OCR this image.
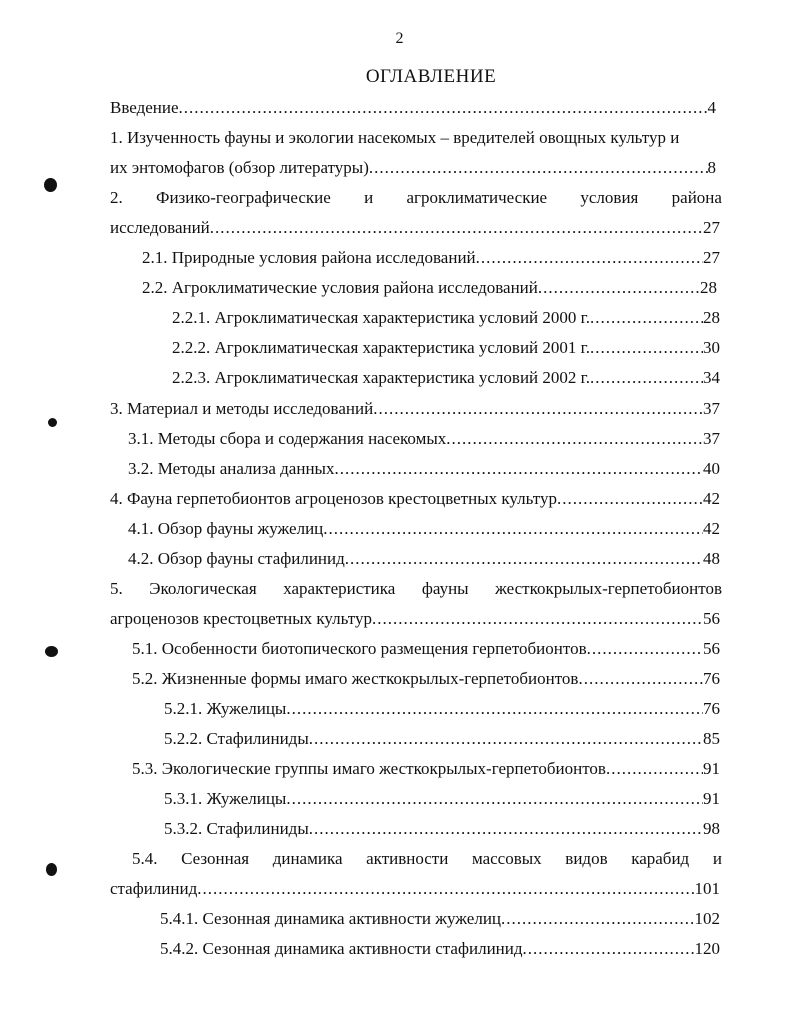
2
ОГЛАВЛЕНИЕ
Введение .....	4
1. Изученность фауны и экологии насекомых – вредителей овощных культур и
их энтомофагов (обзор литературы) .....	8
2. Физико-географические и агроклиматические условия района
исследований .....	27
2.1. Природные условия района исследований .....	27
2.2. Агроклиматические условия района исследований .....	28
2.2.1. Агроклиматическая характеристика условий 2000 г. .....	28
2.2.2. Агроклиматическая характеристика условий 2001 г. .....	30
2.2.3. Агроклиматическая характеристика условий 2002 г. .....	34
3. Материал и методы исследований .....	37
3.1. Методы сбора и содержания насекомых .....	37
3.2. Методы анализа данных .....	40
4. Фауна герпетобионтов агроценозов крестоцветных культур .....	42
4.1. Обзор фауны жужелиц .....	42
4.2. Обзор фауны стафилинид .....	48
5. Экологическая характеристика фауны жесткокрылых-герпетобионтов
агроценозов крестоцветных культур .....	56
5.1. Особенности биотопического размещения герпетобионтов .....	56
5.2. Жизненные формы имаго жесткокрылых-герпетобионтов .....	76
5.2.1. Жужелицы .....	76
5.2.2. Стафилиниды .....	85
5.3. Экологические группы имаго жесткокрылых-герпетобионтов .....	91
5.3.1. Жужелицы .....	91
5.3.2. Стафилиниды .....	98
5.4. Сезонная динамика активности массовых видов карабид и
стафилинид .....	101
5.4.1. Сезонная динамика активности жужелиц .....	102
5.4.2. Сезонная динамика активности стафилинид .....	120
